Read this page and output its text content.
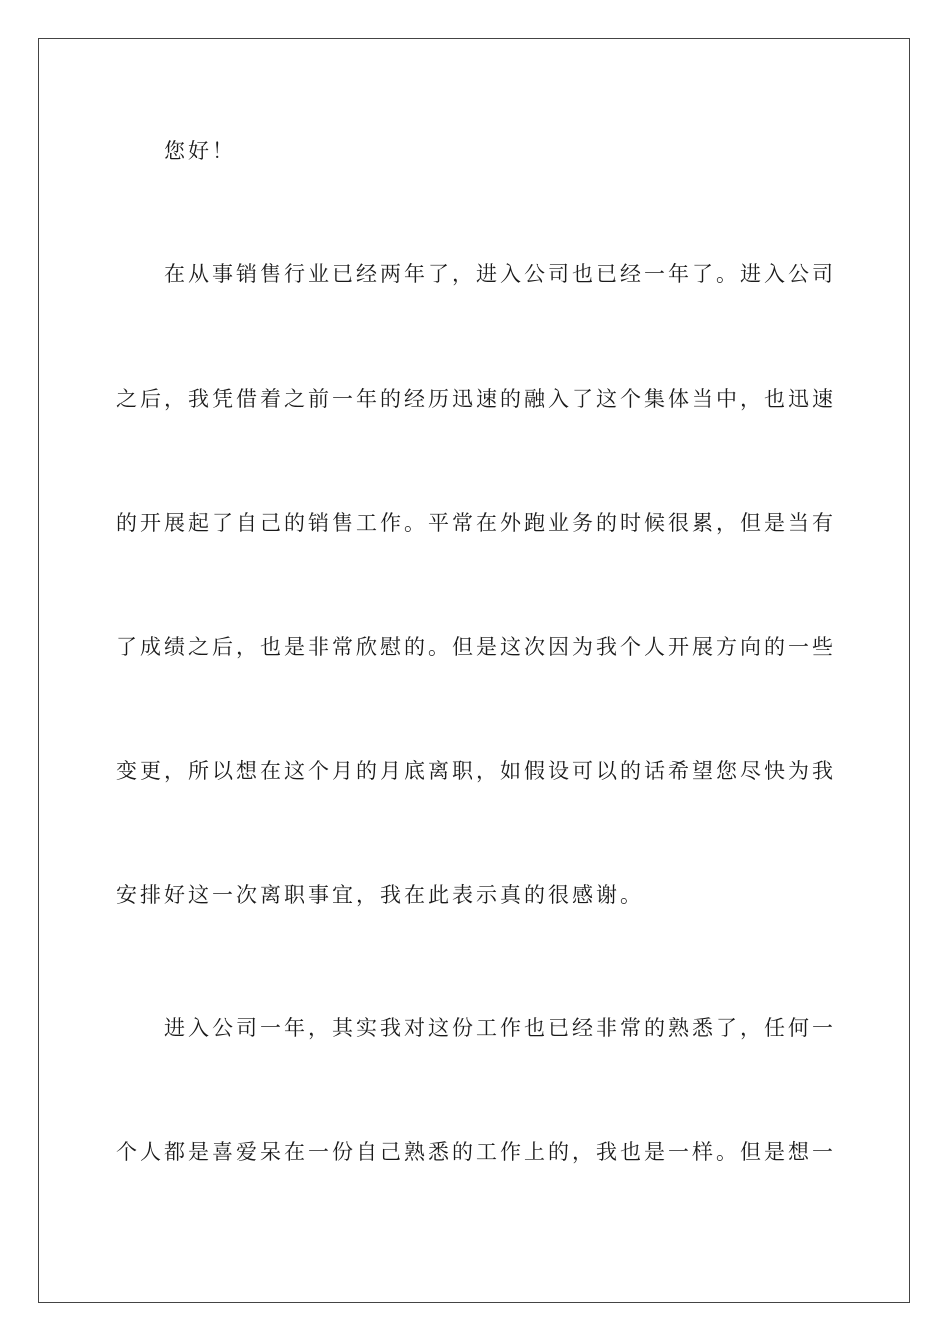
您好！
在从事销售行业已经两年了，进入公司也已经一年了。进入公司
之后，我凭借着之前一年的经历迅速的融入了这个集体当中，也迅速
的开展起了自己的销售工作。平常在外跑业务的时候很累，但是当有
了成绩之后，也是非常欣慰的。但是这次因为我个人开展方向的一些
变更，所以想在这个月的月底离职，如假设可以的话希望您尽快为我
安排好这一次离职事宜，我在此表示真的很感谢。
进入公司一年，其实我对这份工作也已经非常的熟悉了，任何一
个人都是喜爱呆在一份自己熟悉的工作上的，我也是一样。但是想一
